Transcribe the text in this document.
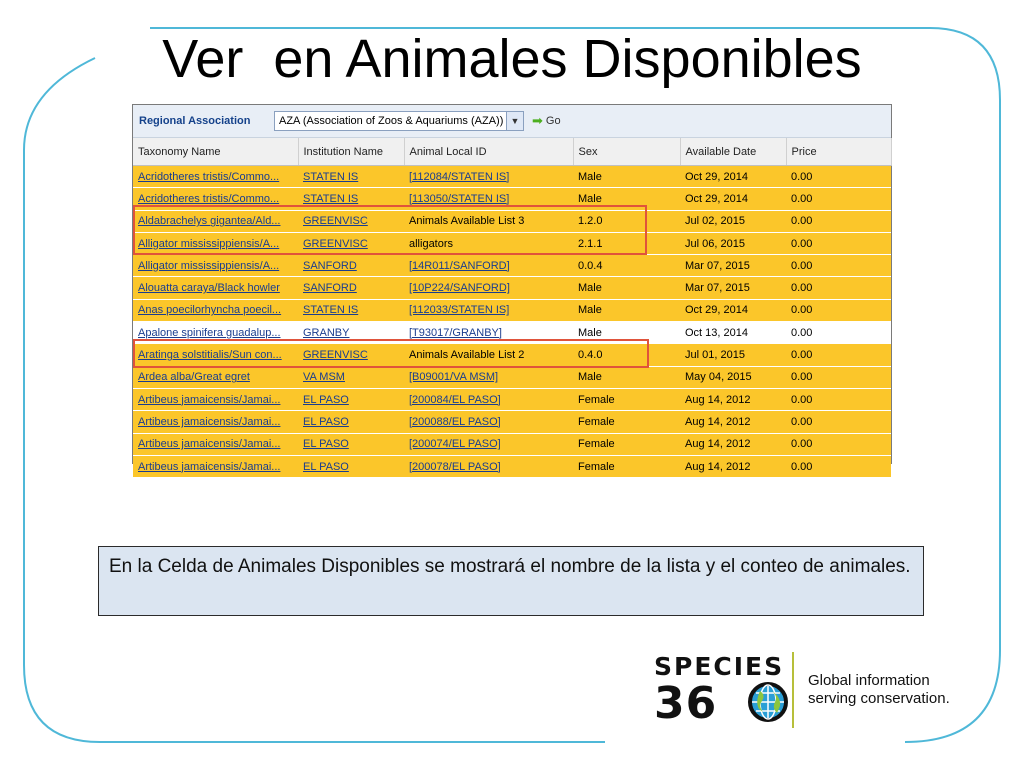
Ver  en Animales Disponibles
Regional Association	AZA (Association of Zoos & Aquariums (AZA)) ▼ ➡ Go
Taxonomy Name	Institution Name	Animal Local ID	Sex	Available Date	Price
Acridotheres tristis/Commo...	STATEN IS	[112084/STATEN IS]	Male	Oct 29, 2014	0.00
Acridotheres tristis/Commo...	STATEN IS	[113050/STATEN IS]	Male	Oct 29, 2014	0.00
Aldabrachelys gigantea/Ald...	GREENVISC	Animals Available List 3	1.2.0	Jul 02, 2015	0.00
Alligator mississippiensis/A...	GREENVISC	alligators	2.1.1	Jul 06, 2015	0.00
Alligator mississippiensis/A...	SANFORD	[14R011/SANFORD]	0.0.4	Mar 07, 2015	0.00
Alouatta caraya/Black howler	SANFORD	[10P224/SANFORD]	Male	Mar 07, 2015	0.00
Anas poecilorhyncha poecil...	STATEN IS	[112033/STATEN IS]	Male	Oct 29, 2014	0.00
Apalone spinifera guadalup...	GRANBY	[T93017/GRANBY]	Male	Oct 13, 2014	0.00
Aratinga solstitialis/Sun con...	GREENVISC	Animals Available List 2	0.4.0	Jul 01, 2015	0.00
Ardea alba/Great egret	VA MSM	[B09001/VA MSM]	Male	May 04, 2015	0.00
Artibeus jamaicensis/Jamai...	EL PASO	[200084/EL PASO]	Female	Aug 14, 2012	0.00
Artibeus jamaicensis/Jamai...	EL PASO	[200088/EL PASO]	Female	Aug 14, 2012	0.00
Artibeus jamaicensis/Jamai...	EL PASO	[200074/EL PASO]	Female	Aug 14, 2012	0.00
Artibeus jamaicensis/Jamai...	EL PASO	[200078/EL PASO]	Female	Aug 14, 2012	0.00
En la Celda de Animales Disponibles se mostrará el nombre de la lista y el conteo de animales.
SPECIES
36	Global information
serving conservation.
